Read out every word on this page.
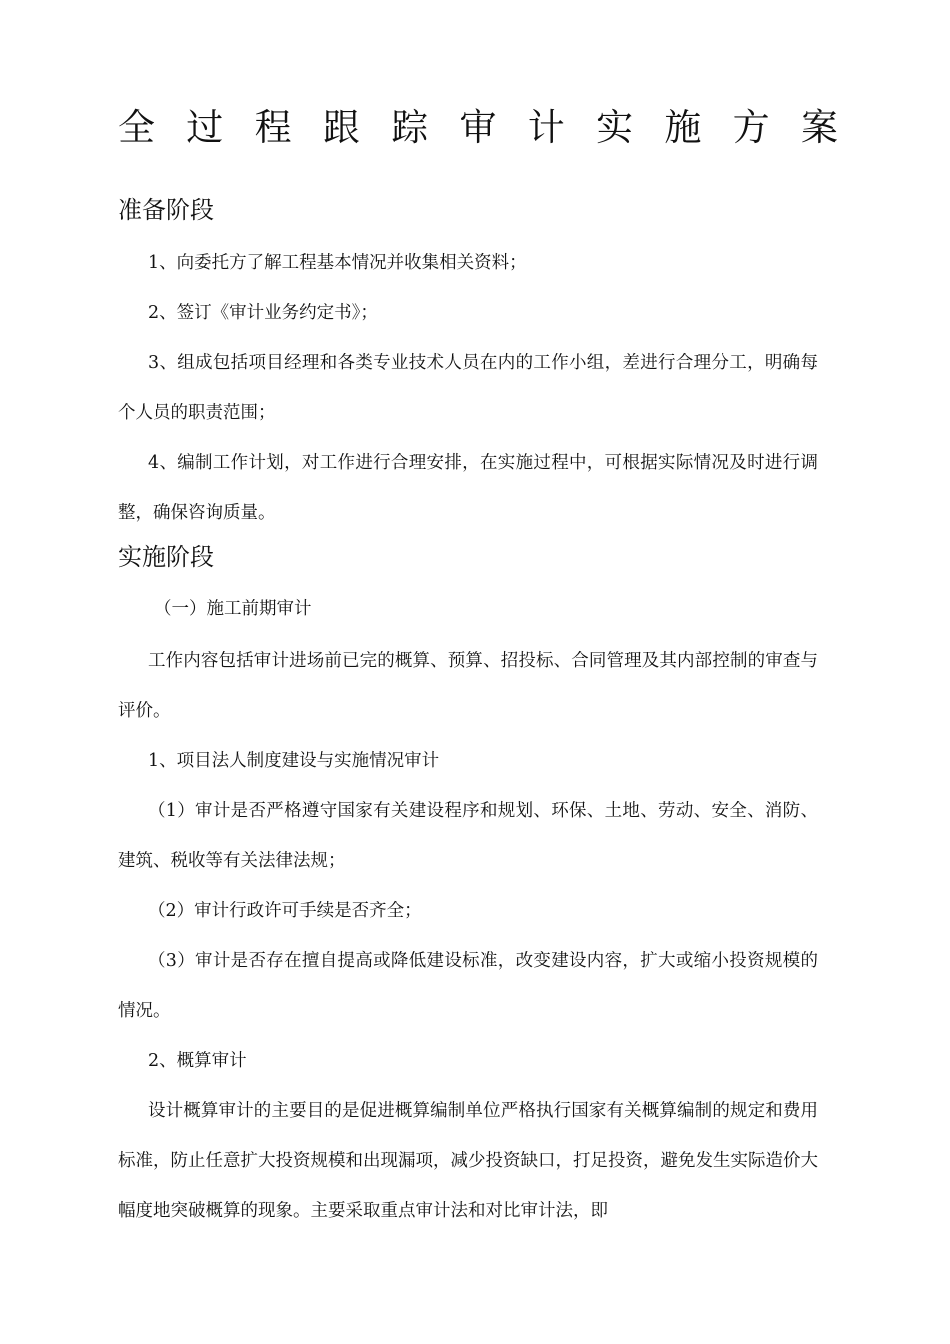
全 过 程 跟 踪 审 计 实 施 方 案
准备阶段
1、向委托方了解工程基本情况并收集相关资料；
2、签订《审计业务约定书》；
3、组成包括项目经理和各类专业技术人员在内的工作小组，差进行合理分工，明确每个人员的职责范围；
4、编制工作计划，对工作进行合理安排，在实施过程中，可根据实际情况及时进行调整，确保咨询质量。
实施阶段
（一）施工前期审计
工作内容包括审计进场前已完的概算、预算、招投标、合同管理及其内部控制的审查与评价。
1、项目法人制度建设与实施情况审计
（1）审计是否严格遵守国家有关建设程序和规划、环保、土地、劳动、安全、消防、建筑、税收等有关法律法规；
（2）审计行政许可手续是否齐全；
（3）审计是否存在擅自提高或降低建设标准，改变建设内容，扩大或缩小投资规模的情况。
2、概算审计
设计概算审计的主要目的是促进概算编制单位严格执行国家有关概算编制的规定和费用标准，防止任意扩大投资规模和出现漏项，减少投资缺口，打足投资，避免发生实际造价大幅度地突破概算的现象。主要采取重点审计法和对比审计法，即
